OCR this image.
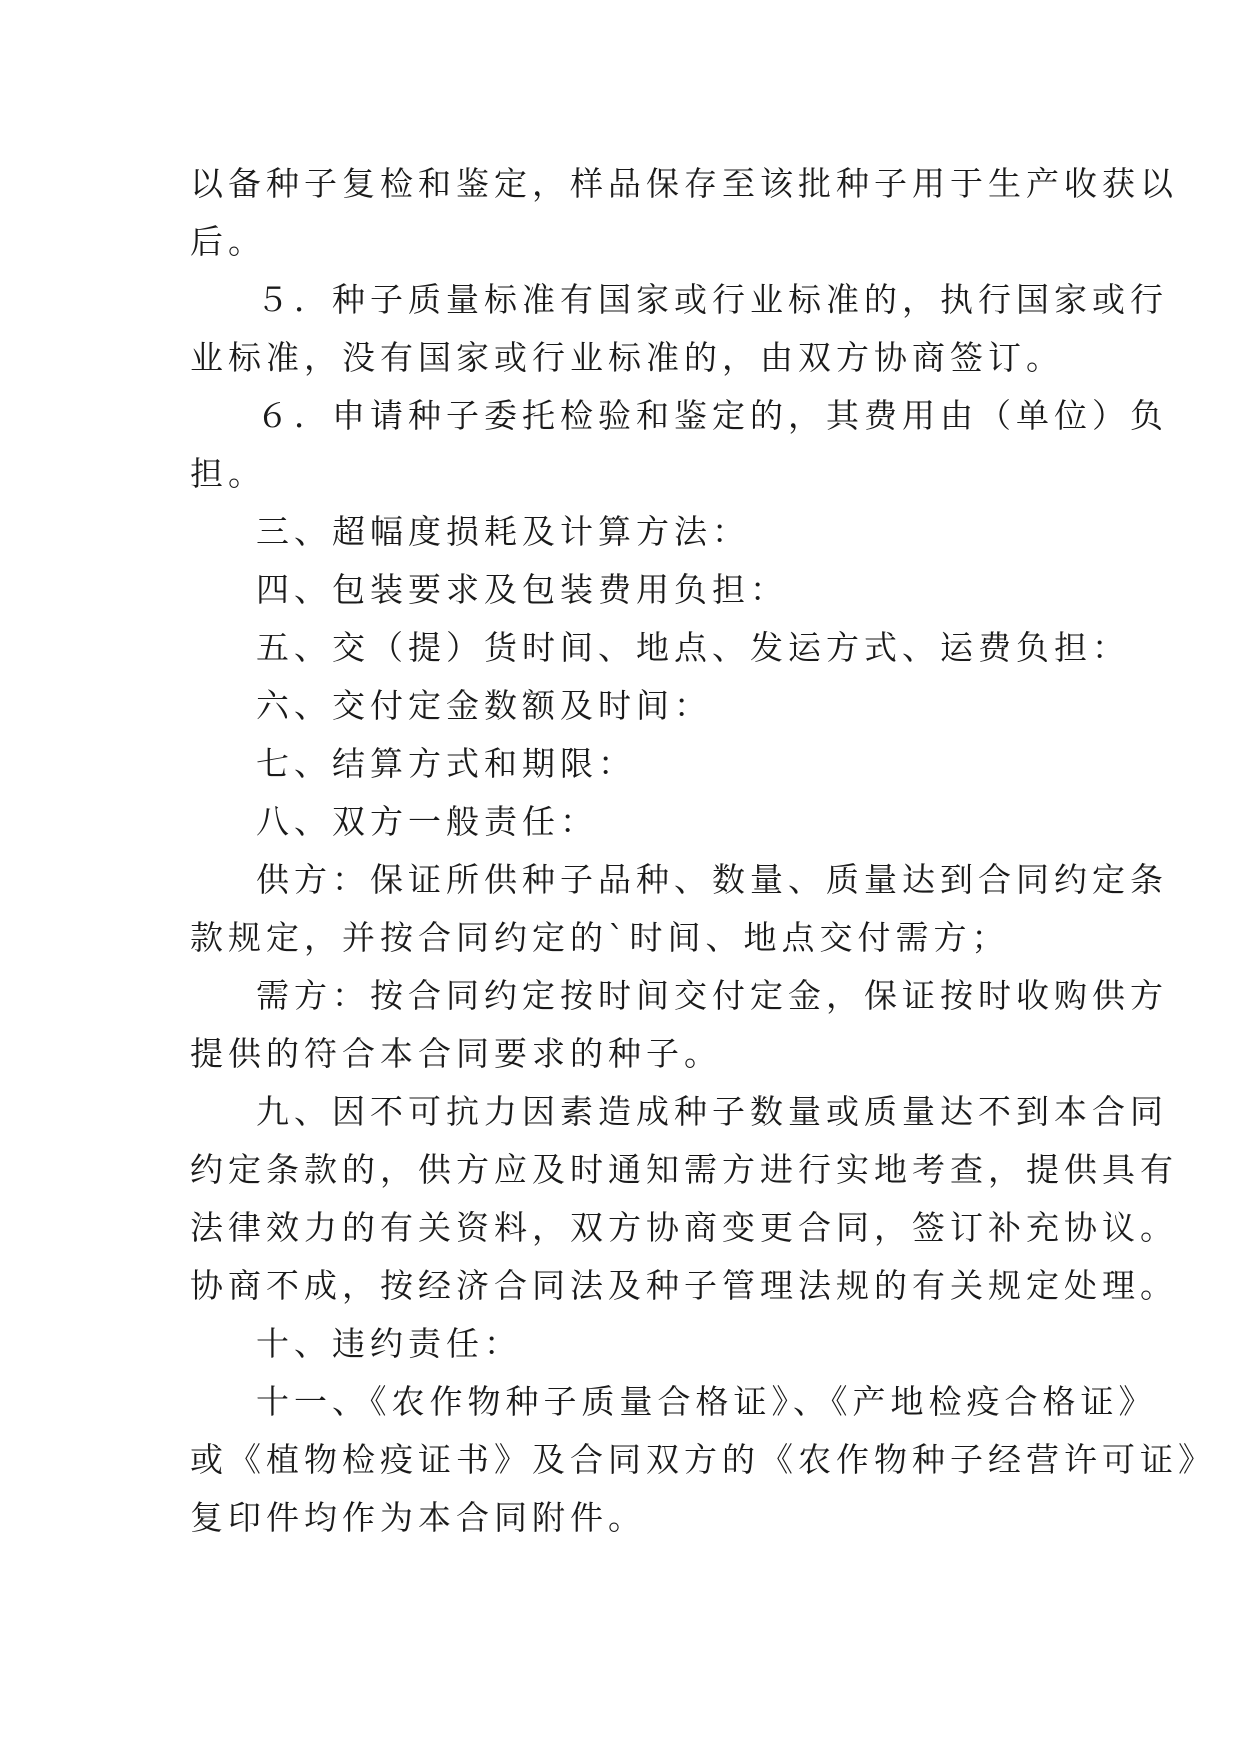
以备种子复检和鉴定，样品保存至该批种子用于生产收获以

后。

５．种子质量标准有国家或行业标准的，执行国家或行

业标准，没有国家或行业标准的，由双方协商签订。

６．申请种子委托检验和鉴定的，其费用由（单位）负

担。

三、超幅度损耗及计算方法：

四、包装要求及包装费用负担：

五、交（提）货时间、地点、发运方式、运费负担：

六、交付定金数额及时间：

七、结算方式和期限：

八、双方一般责任：

供方：保证所供种子品种、数量、质量达到合同约定条

款规定，并按合同约定的`时间、地点交付需方；

需方：按合同约定按时间交付定金，保证按时收购供方

提供的符合本合同要求的种子。

九、因不可抗力因素造成种子数量或质量达不到本合同

约定条款的，供方应及时通知需方进行实地考查，提供具有

法律效力的有关资料，双方协商变更合同，签订补充协议。

协商不成，按经济合同法及种子管理法规的有关规定处理。

十、违约责任：

十一、《农作物种子质量合格证》、《产地检疫合格证》

或《植物检疫证书》及合同双方的《农作物种子经营许可证》

复印件均作为本合同附件。
